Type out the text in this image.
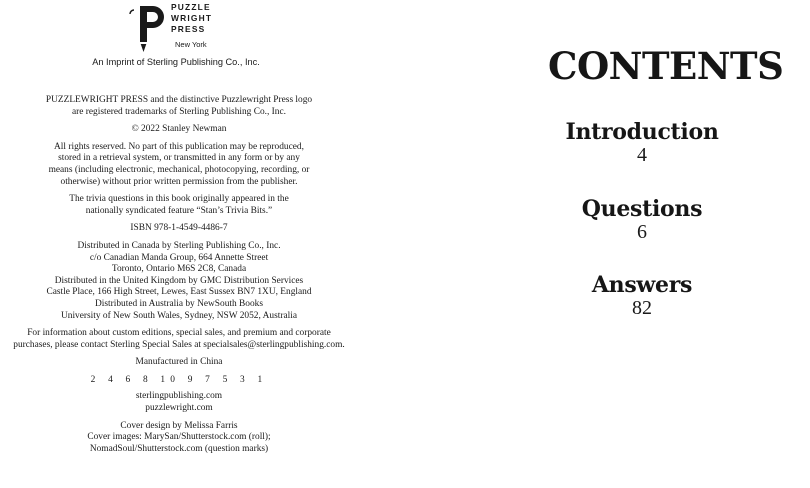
PUZZLE
WRIGHT
PRESS
New York
An Imprint of Sterling Publishing Co., Inc.

PUZZLEWRIGHT PRESS and the distinctive Puzzlewright Press logo
are registered trademarks of Sterling Publishing Co., Inc.

© 2022 Stanley Newman

All rights reserved. No part of this publication may be reproduced,
stored in a retrieval system, or transmitted in any form or by any
means (including electronic, mechanical, photocopying, recording, or
otherwise) without prior written permission from the publisher.

The trivia questions in this book originally appeared in the
nationally syndicated feature “Stan’s Trivia Bits.”

ISBN 978-1-4549-4486-7

Distributed in Canada by Sterling Publishing Co., Inc.
c/o Canadian Manda Group, 664 Annette Street
Toronto, Ontario M6S 2C8, Canada
Distributed in the United Kingdom by GMC Distribution Services
Castle Place, 166 High Street, Lewes, East Sussex BN7 1XU, England
Distributed in Australia by NewSouth Books
University of New South Wales, Sydney, NSW 2052, Australia

For information about custom editions, special sales, and premium and corporate
purchases, please contact Sterling Special Sales at specialsales@sterlingpublishing.com.

Manufactured in China

2 4 6 8 10 9 7 5 3 1

sterlingpublishing.com
puzzlewright.com

Cover design by Melissa Farris
Cover images: MarySan/Shutterstock.com (roll);
NomadSoul/Shutterstock.com (question marks)

CONTENTS
Introduction
4
Questions
6
Answers
82
